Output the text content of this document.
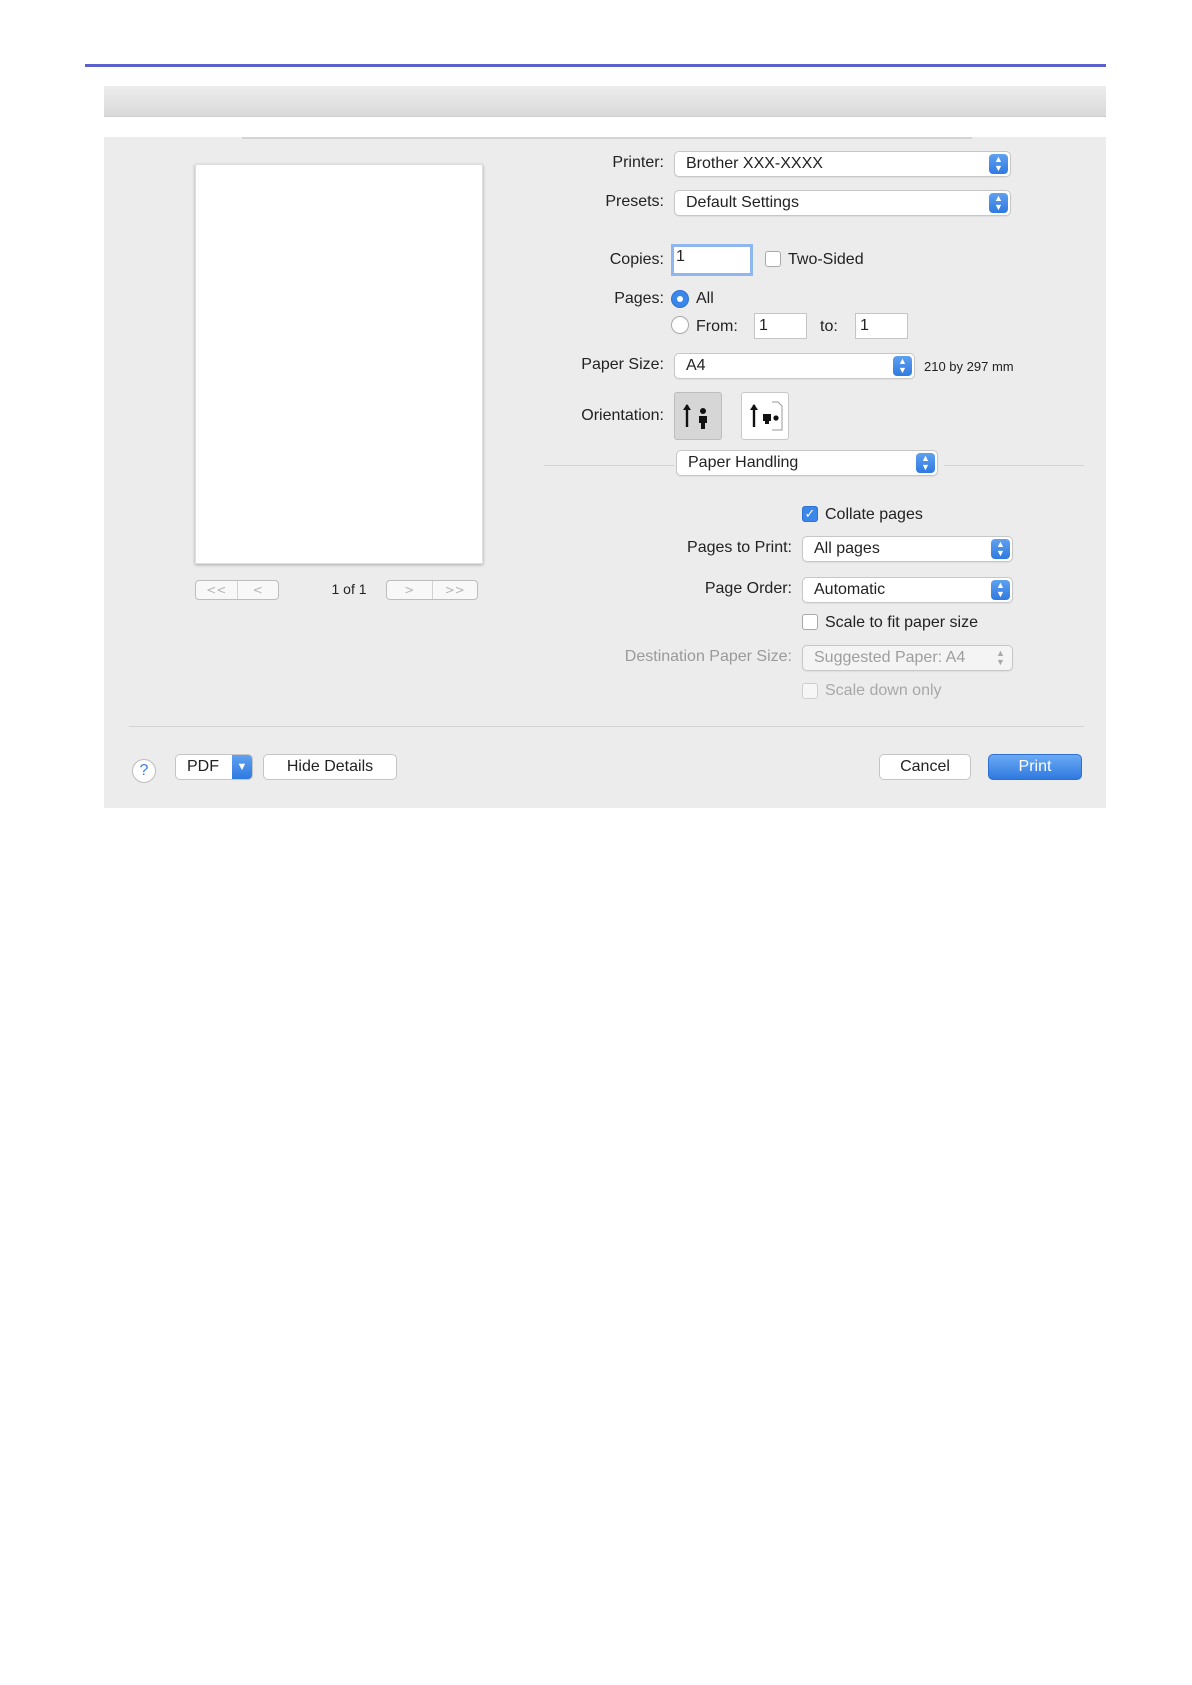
<<	<	1 of 1	>	>>
Printer:	Brother XXX-XXXX	▲
▼
Presets:	Default Settings	▲
▼
Copies: 1	Two-Sided
Pages: All
From:	1	to:	1
Paper Size:	A4	▲
▼ 210 by 297 mm
Orientation:
Paper Handling	▲
▼
✓ Collate pages
Pages to Print:	All pages	▲
▼
Page Order:	Automatic	▲
▼
Scale to fit paper size
Destination Paper Size:	Suggested Paper: A4	▲
▼
Scale down only
?	PDF	▼	Hide Details	Cancel	Print
